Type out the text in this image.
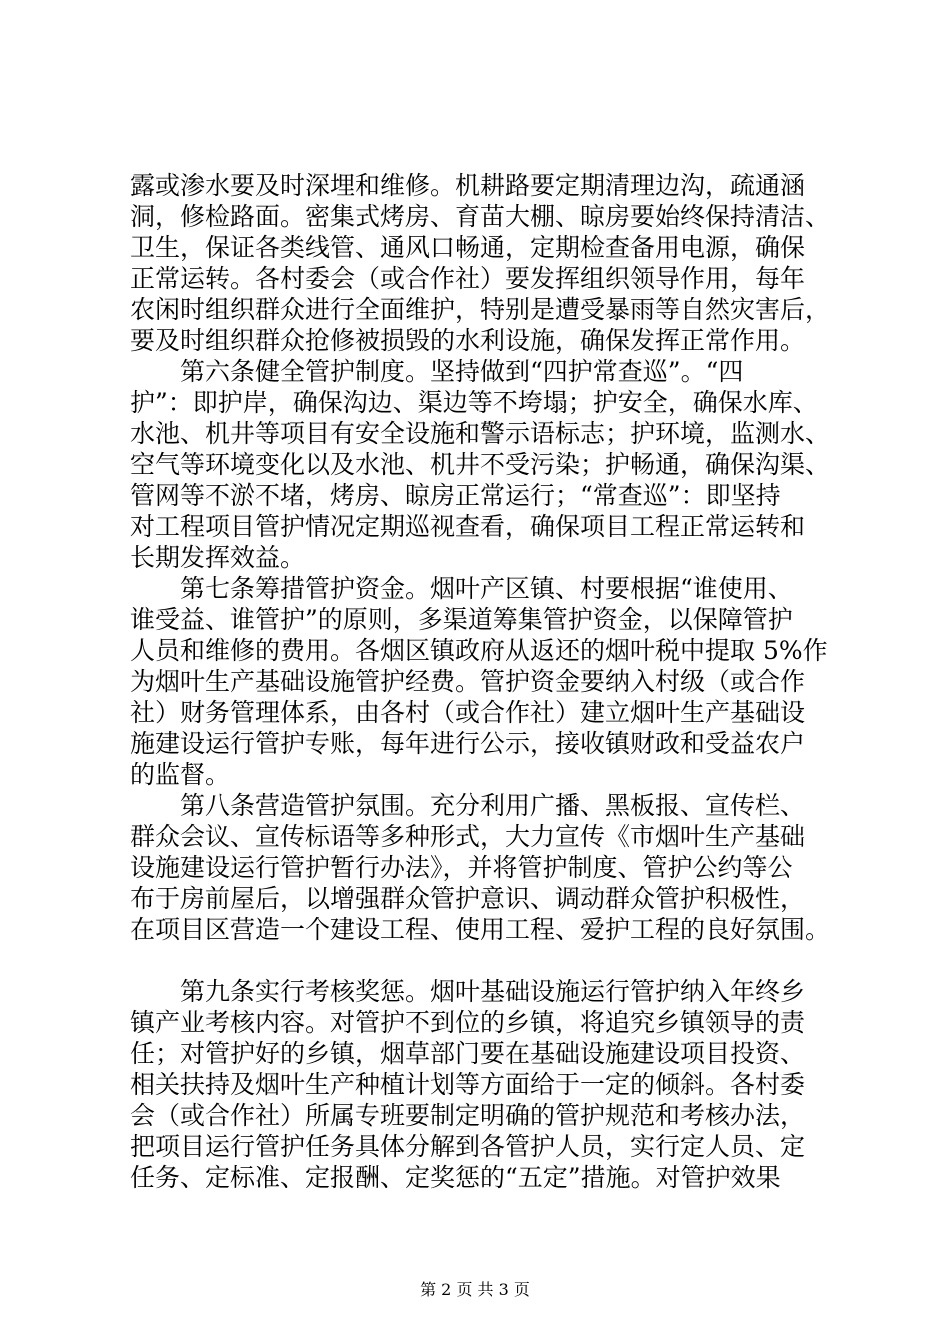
露或渗水要及时深埋和维修。机耕路要定期清理边沟，疏通涵
洞，修检路面。密集式烤房、育苗大棚、晾房要始终保持清洁、
卫生，保证各类线管、通风口畅通，定期检查备用电源，确保
正常运转。各村委会（或合作社）要发挥组织领导作用，每年
农闲时组织群众进行全面维护，特别是遭受暴雨等自然灾害后，
要及时组织群众抢修被损毁的水利设施，确保发挥正常作用。
第六条健全管护制度。坚持做到“四护常查巡”。“四
护”：即护岸，确保沟边、渠边等不垮塌；护安全，确保水库、
水池、机井等项目有安全设施和警示语标志；护环境，监测水、
空气等环境变化以及水池、机井不受污染；护畅通，确保沟渠、
管网等不淤不堵，烤房、晾房正常运行；“常查巡”：即坚持
对工程项目管护情况定期巡视查看，确保项目工程正常运转和
长期发挥效益。
第七条筹措管护资金。烟叶产区镇、村要根据“谁使用、
谁受益、谁管护”的原则，多渠道筹集管护资金，以保障管护
人员和维修的费用。各烟区镇政府从返还的烟叶税中提取 5%作
为烟叶生产基础设施管护经费。管护资金要纳入村级（或合作
社）财务管理体系，由各村（或合作社）建立烟叶生产基础设
施建设运行管护专账，每年进行公示，接收镇财政和受益农户
的监督。
第八条营造管护氛围。充分利用广播、黑板报、宣传栏、
群众会议、宣传标语等多种形式，大力宣传《市烟叶生产基础
设施建设运行管护暂行办法》，并将管护制度、管护公约等公
布于房前屋后，以增强群众管护意识、调动群众管护积极性，
在项目区营造一个建设工程、使用工程、爱护工程的良好氛围。
第九条实行考核奖惩。烟叶基础设施运行管护纳入年终乡
镇产业考核内容。对管护不到位的乡镇，将追究乡镇领导的责
任；对管护好的乡镇，烟草部门要在基础设施建设项目投资、
相关扶持及烟叶生产种植计划等方面给于一定的倾斜。各村委
会（或合作社）所属专班要制定明确的管护规范和考核办法，
把项目运行管护任务具体分解到各管护人员，实行定人员、定
任务、定标准、定报酬、定奖惩的“五定”措施。对管护效果
第 2 页 共 3 页
